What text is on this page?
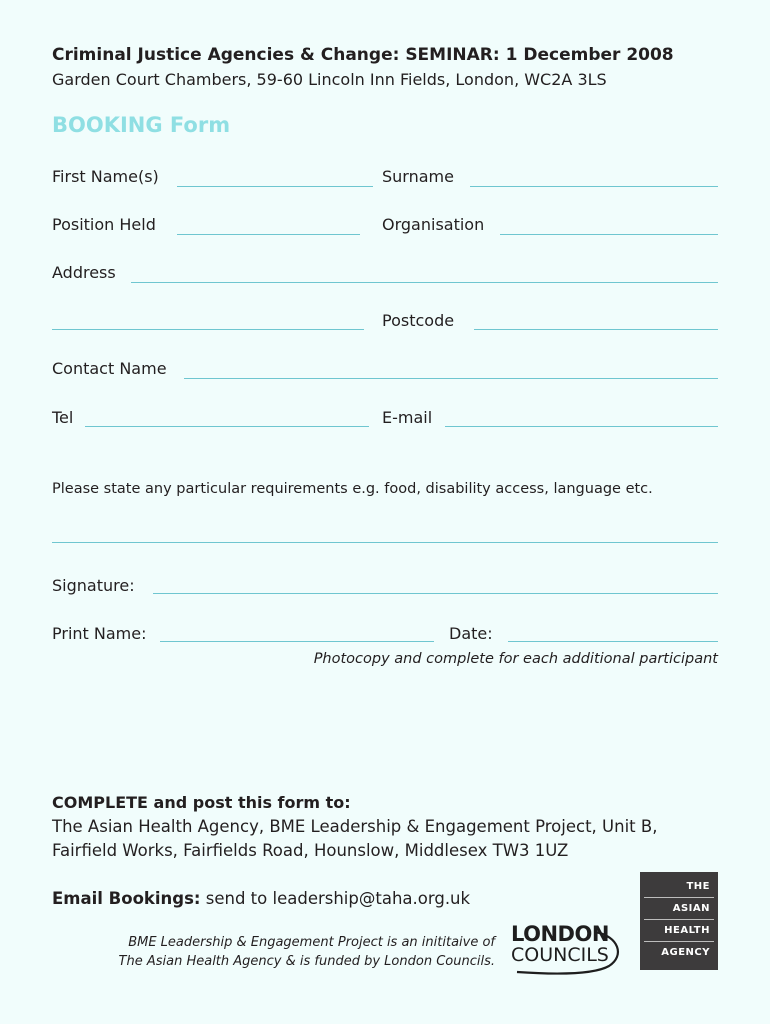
Criminal Justice Agencies & Change: SEMINAR: 1 December 2008
Garden Court Chambers, 59-60 Lincoln Inn Fields, London, WC2A 3LS
BOOKING Form
First Name(s)	Surname
Position Held	Organisation
Address
Postcode
Contact Name
Tel	E-mail
Please state any particular requirements e.g. food, disability access, language etc.
Signature:
Print Name:	Date:
Photocopy and complete for each additional participant
COMPLETE and post this form to:
The Asian Health Agency, BME Leadership & Engagement Project, Unit B,
Fairfield Works, Fairfields Road, Hounslow, Middlesex TW3 1UZ
Email Bookings: send to leadership@taha.org.uk
BME Leadership & Engagement Project is an inititaive of
The Asian Health Agency & is funded by London Councils.
LONDON
COUNCILS
THE
ASIAN
HEALTH
AGENCY
